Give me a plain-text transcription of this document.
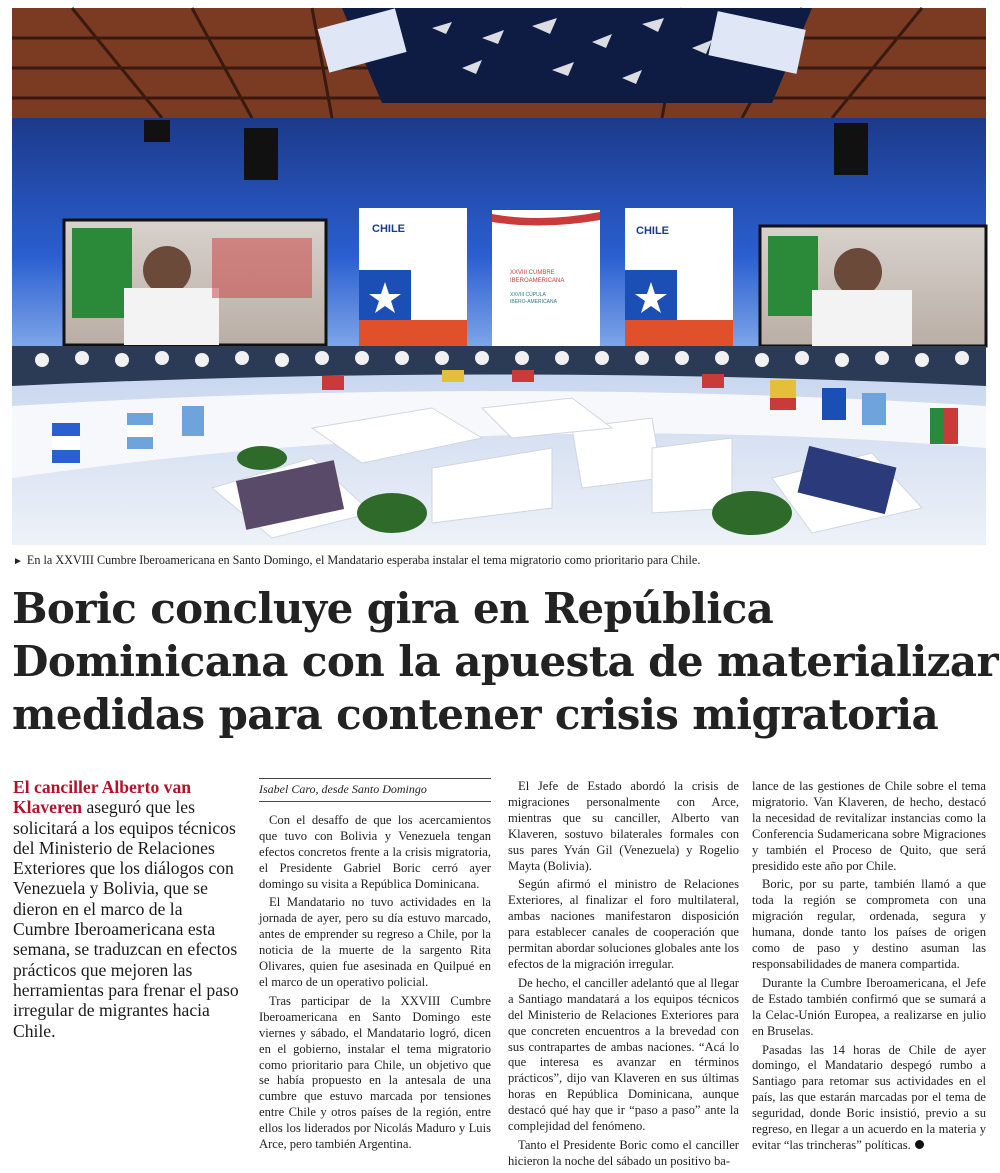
CHILE	CHILE
XXVIII CUMBRE
IBEROAMERICANA
XXVIII CÚPULA
IBERO-AMERICANA
► En la XXVIII Cumbre Iberoamericana en Santo Domingo, el Mandatario esperaba instalar el tema migratorio como prioritario para Chile.
Boric concluye gira en República
Dominicana con la apuesta de materializar
medidas para contener crisis migratoria
El canciller Alberto van Klaveren aseguró que les solicitará a los equipos técnicos del Ministerio de Relaciones Exteriores que los diálogos con Venezuela y Bolivia, que se dieron en el marco de la Cumbre Iberoamericana esta semana, se traduzcan en efectos prácticos que mejoren las herramientas para frenar el paso irregular de migrantes hacia Chile.
Isabel Caro, desde Santo Domingo

Con el desaffo de que los acercamientos que tuvo con Bolivia y Venezuela tengan efectos concretos frente a la crisis migratoria, el Presidente Gabriel Boric cerró ayer domingo su visita a República Dominicana.

El Mandatario no tuvo actividades en la jornada de ayer, pero su día estuvo marcado, antes de emprender su regreso a Chile, por la noticia de la muerte de la sargento Rita Olivares, quien fue asesinada en Quilpué en el marco de un operativo policial.

Tras participar de la XXVIII Cumbre Iberoamericana en Santo Domingo este viernes y sábado, el Mandatario logró, dicen en el gobierno, instalar el tema migratorio como prioritario para Chile, un objetivo que se había propuesto en la antesala de una cumbre que estuvo marcada por tensiones entre Chile y otros países de la región, entre ellos los liderados por Nicolás Maduro y Luis Arce, pero también Argentina.

El Jefe de Estado abordó la crisis de migraciones personalmente con Arce, mientras que su canciller, Alberto van Klaveren, sostuvo bilaterales formales con sus pares Yván Gil (Venezuela) y Rogelio Mayta (Bolivia).

Según afirmó el ministro de Relaciones Exteriores, al finalizar el foro multilateral, ambas naciones manifestaron disposición para establecer canales de cooperación que permitan abordar soluciones globales ante los efectos de la migración irregular.

De hecho, el canciller adelantó que al llegar a Santiago mandatará a los equipos técnicos del Ministerio de Relaciones Exteriores para que concreten encuentros a la brevedad con sus contrapartes de ambas naciones. “Acá lo que interesa es avanzar en términos prácticos”, dijo van Klaveren en sus últimas horas en República Dominicana, aunque destacó qué hay que ir “paso a paso” ante la complejidad del fenómeno.

Tanto el Presidente Boric como el canciller hicieron la noche del sábado un positivo ba-

lance de las gestiones de Chile sobre el tema migratorio. Van Klaveren, de hecho, destacó la necesidad de revitalizar instancias como la Conferencia Sudamericana sobre Migraciones y también el Proceso de Quito, que será presidido este año por Chile.

Boric, por su parte, también llamó a que toda la región se comprometa con una migración regular, ordenada, segura y humana, donde tanto los países de origen como de paso y destino asuman las responsabilidades de manera compartida.

Durante la Cumbre Iberoamericana, el Jefe de Estado también confirmó que se sumará a la Celac-Unión Europea, a realizarse en julio en Bruselas.

Pasadas las 14 horas de Chile de ayer domingo, el Mandatario despegó rumbo a Santiago para retomar sus actividades en el país, las que estarán marcadas por el tema de seguridad, donde Boric insistió, previo a su regreso, en llegar a un acuerdo en la materia y evitar “las trincheras” políticas.
